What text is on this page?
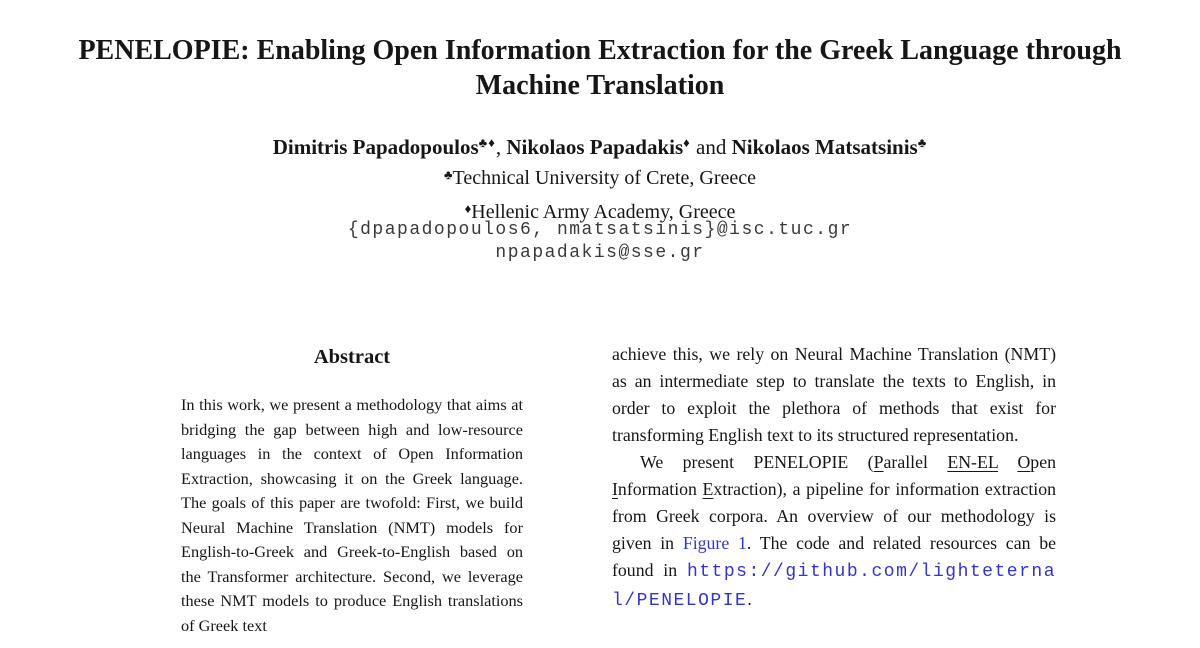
PENELOPIE: Enabling Open Information Extraction for the Greek Language through Machine Translation
Dimitris Papadopoulos♣♦, Nikolaos Papadakis♦ and Nikolaos Matsatsinis♣
♣Technical University of Crete, Greece
♦Hellenic Army Academy, Greece
{dpapadopoulos6, nmatsatsinis}@isc.tuc.gr
npapadakis@sse.gr
Abstract
In this work, we present a methodology that aims at bridging the gap between high and low-resource languages in the context of Open Information Extraction, showcasing it on the Greek language. The goals of this paper are twofold: First, we build Neural Machine Translation (NMT) models for English-to-Greek and Greek-to-English based on the Transformer architecture. Second, we leverage these NMT models to produce English translations of Greek text

achieve this, we rely on Neural Machine Translation (NMT) as an intermediate step to translate the texts to English, in order to exploit the plethora of methods that exist for transforming English text to its structured representation.

We present PENELOPIE (Parallel EN-EL Open Information Extraction), a pipeline for information extraction from Greek corpora. An overview of our methodology is given in Figure 1. The code and related resources can be found in https://github.com/lighteternal/PENELOPIE.
